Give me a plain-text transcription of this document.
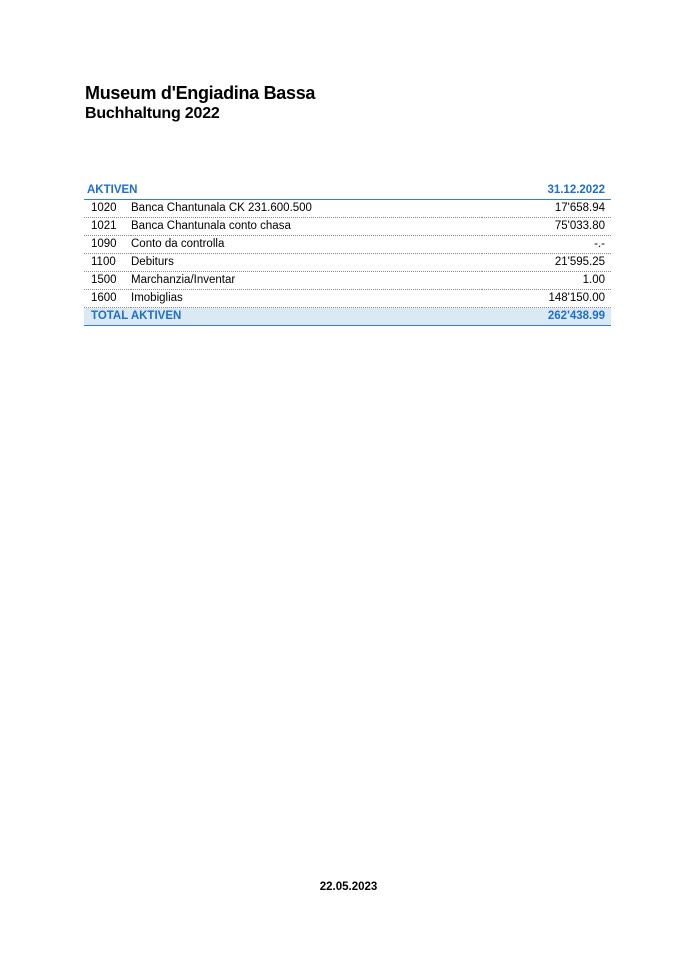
Museum d'Engiadina Bassa
Buchhaltung 2022
AKTIVEN		31.12.2022
1020	Banca Chantunala CK 231.600.500	17'658.94
1021	Banca Chantunala conto chasa	75'033.80
1090	Conto da controlla	-.-
1100	Debiturs	21'595.25
1500	Marchanzia/Inventar	1.00
1600	Imobiglias	148'150.00
TOTAL AKTIVEN		262'438.99
22.05.2023
